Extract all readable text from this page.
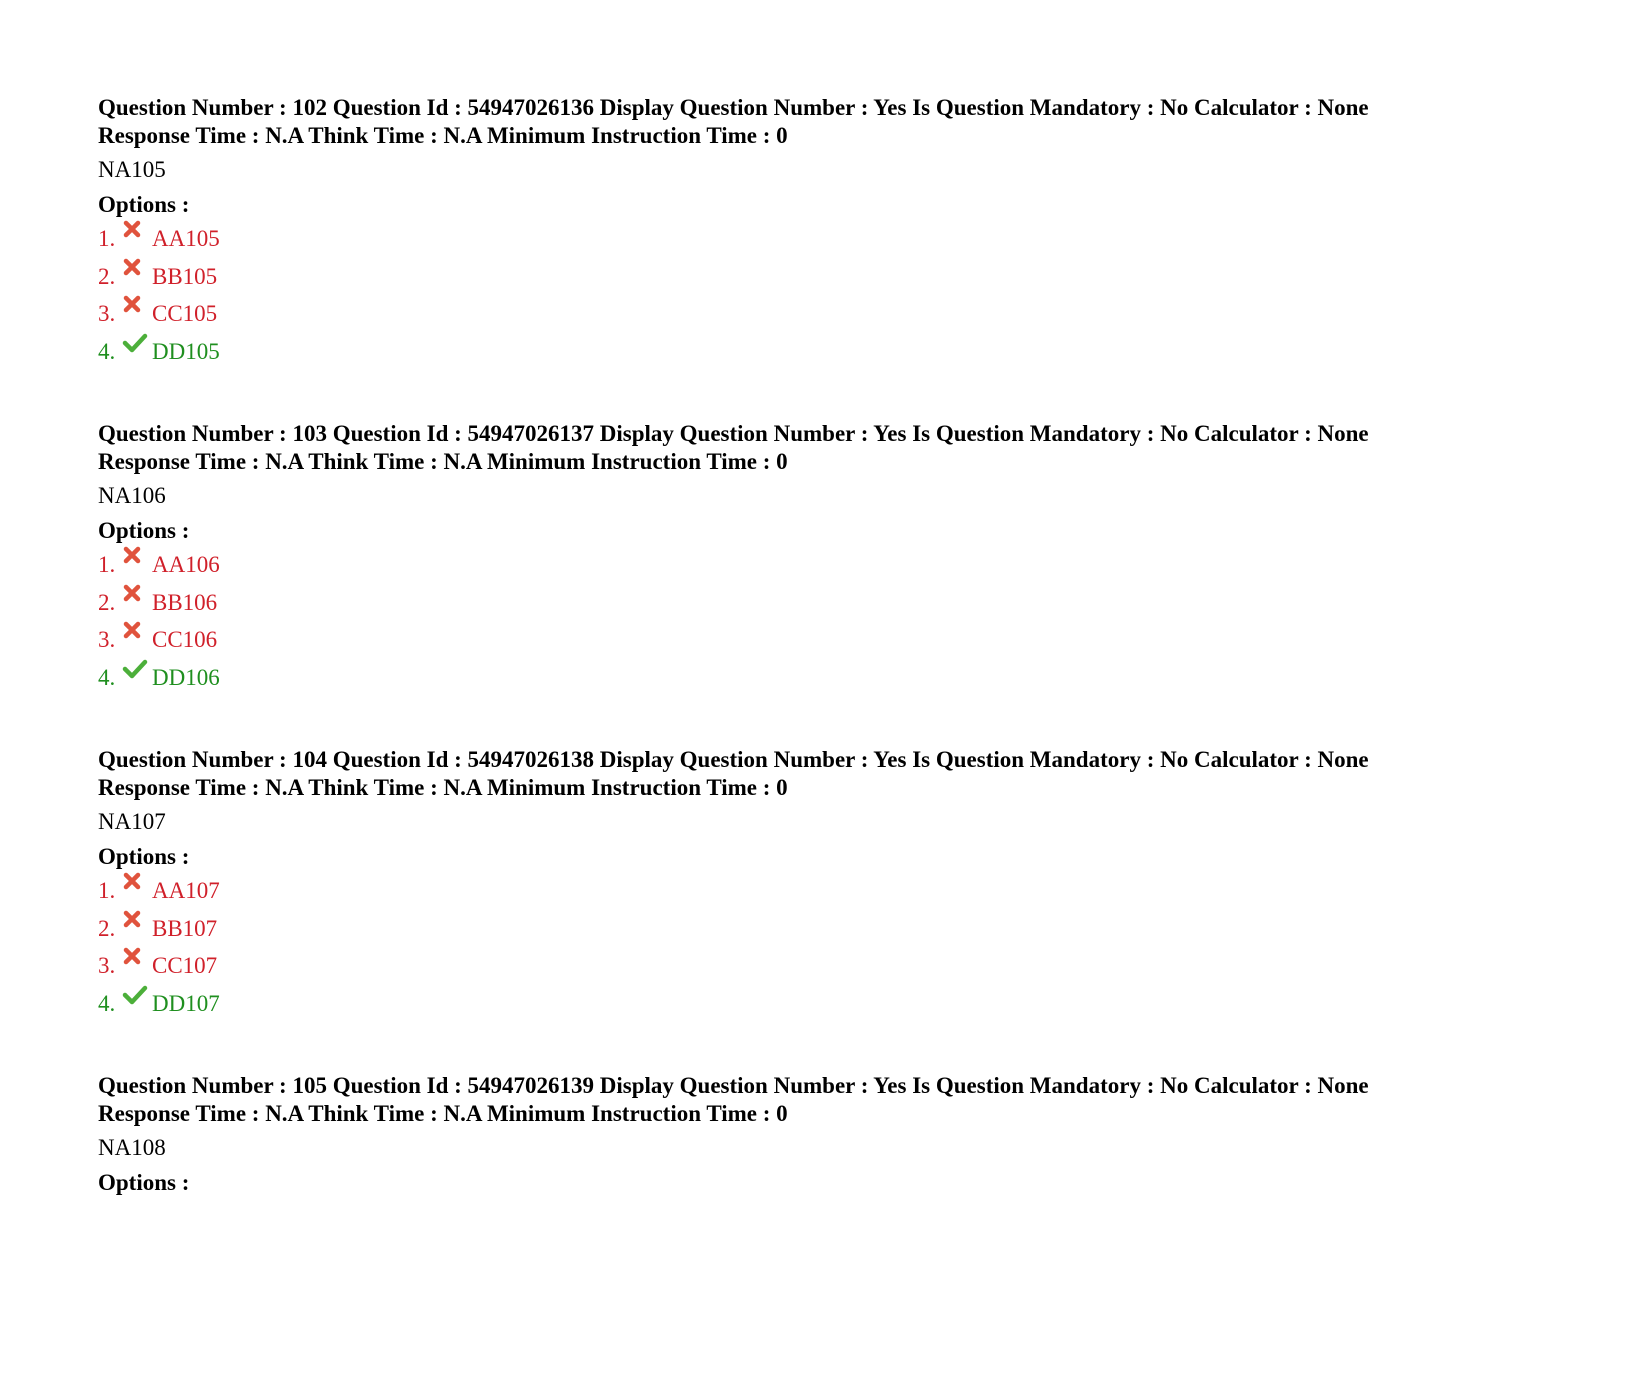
Question Number : 102 Question Id : 54947026136 Display Question Number : Yes Is Question Mandatory : No Calculator : None
Response Time : N.A Think Time : N.A Minimum Instruction Time : 0
NA105
Options :
1. AA105
2. BB105
3. CC105
4. DD105
Question Number : 103 Question Id : 54947026137 Display Question Number : Yes Is Question Mandatory : No Calculator : None
Response Time : N.A Think Time : N.A Minimum Instruction Time : 0
NA106
Options :
1. AA106
2. BB106
3. CC106
4. DD106
Question Number : 104 Question Id : 54947026138 Display Question Number : Yes Is Question Mandatory : No Calculator : None
Response Time : N.A Think Time : N.A Minimum Instruction Time : 0
NA107
Options :
1. AA107
2. BB107
3. CC107
4. DD107
Question Number : 105 Question Id : 54947026139 Display Question Number : Yes Is Question Mandatory : No Calculator : None
Response Time : N.A Think Time : N.A Minimum Instruction Time : 0
NA108
Options :
